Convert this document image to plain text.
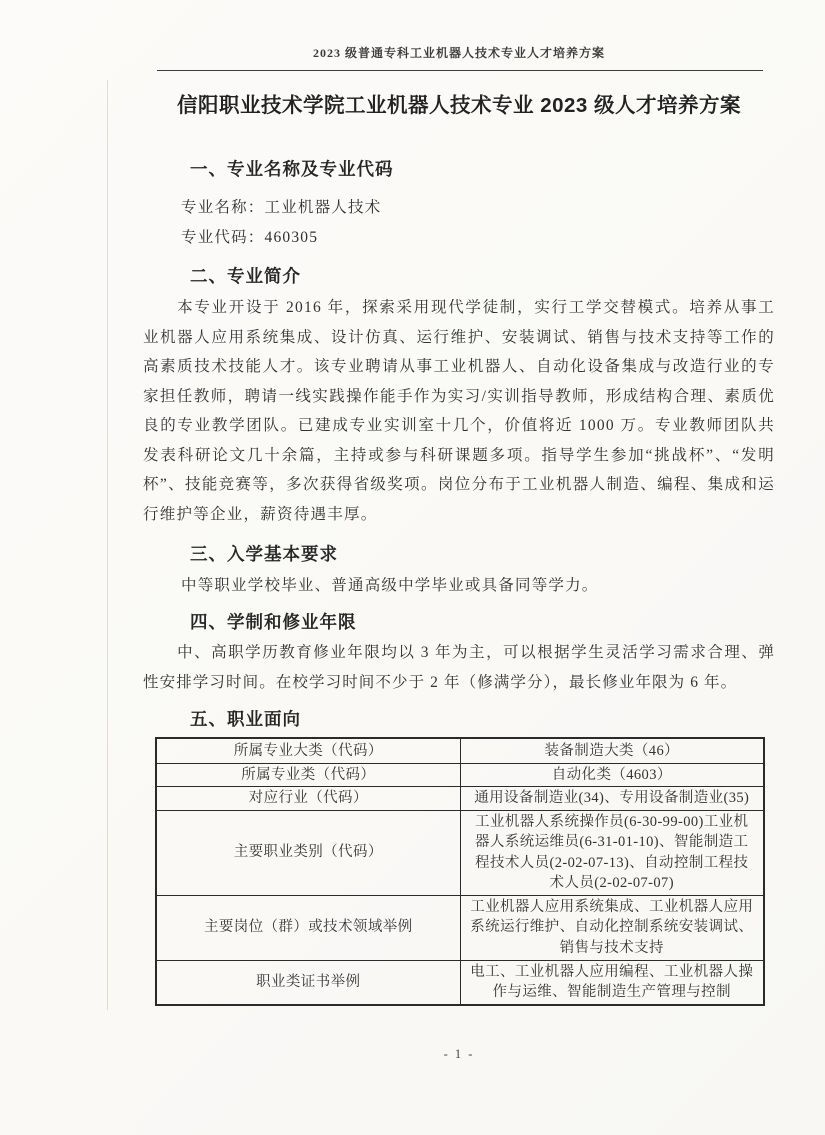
2023 级普通专科工业机器人技术专业人才培养方案
信阳职业技术学院工业机器人技术专业 2023 级人才培养方案
一、专业名称及专业代码
专业名称：工业机器人技术
专业代码：460305
二、专业简介
本专业开设于 2016 年，探索采用现代学徒制，实行工学交替模式。培养从事工业机器人应用系统集成、设计仿真、运行维护、安装调试、销售与技术支持等工作的高素质技术技能人才。该专业聘请从事工业机器人、自动化设备集成与改造行业的专家担任教师，聘请一线实践操作能手作为实习/实训指导教师，形成结构合理、素质优良的专业教学团队。已建成专业实训室十几个，价值将近 1000 万。专业教师团队共发表科研论文几十余篇，主持或参与科研课题多项。指导学生参加“挑战杯”、“发明杯”、技能竞赛等，多次获得省级奖项。岗位分布于工业机器人制造、编程、集成和运行维护等企业，薪资待遇丰厚。
三、入学基本要求
中等职业学校毕业、普通高级中学毕业或具备同等学力。
四、学制和修业年限
中、高职学历教育修业年限均以 3 年为主，可以根据学生灵活学习需求合理、弹性安排学习时间。在校学习时间不少于 2 年（修满学分），最长修业年限为 6 年。
五、职业面向
所属专业大类（代码）	装备制造大类（46）
所属专业类（代码）	自动化类（4603）
对应行业（代码）	通用设备制造业(34)、专用设备制造业(35)
主要职业类别（代码）	工业机器人系统操作员(6-30-99-00)工业机器人系统运维员(6-31-01-10)、智能制造工程技术人员(2-02-07-13)、自动控制工程技术人员(2-02-07-07)
主要岗位（群）或技术领域举例	工业机器人应用系统集成、工业机器人应用系统运行维护、自动化控制系统安装调试、销售与技术支持
职业类证书举例	电工、工业机器人应用编程、工业机器人操作与运维、智能制造生产管理与控制
- 1 -
